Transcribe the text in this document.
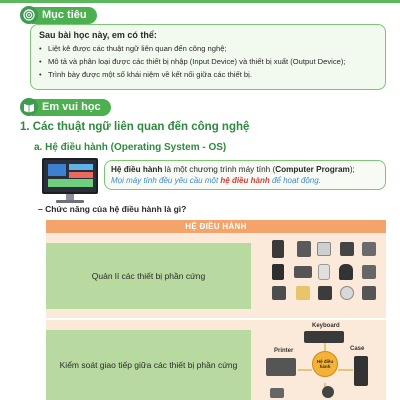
Mục tiêu
Sau bài học này, em có thể:
• Liệt kê được các thuật ngữ liên quan đến công nghệ;
• Mô tả và phân loại được các thiết bị nhập (Input Device) và thiết bị xuất (Output Device);
• Trình bày được một số khái niệm về kết nối giữa các thiết bị.
Em vui học
1. Các thuật ngữ liên quan đến công nghệ
a. Hệ điều hành (Operating System - OS)
Hệ điều hành là một chương trình máy tính (Computer Program);
Mọi máy tính đều yêu cầu một hệ điều hành để hoạt động.
– Chức năng của hệ điều hành là gì?
HỆ ĐIỀU HÀNH
Quản lí các thiết bị phần cứng
Kiểm soát giao tiếp giữa các thiết bị phần cứng
Keyboard
Printer	Case
Hệ điều hành
